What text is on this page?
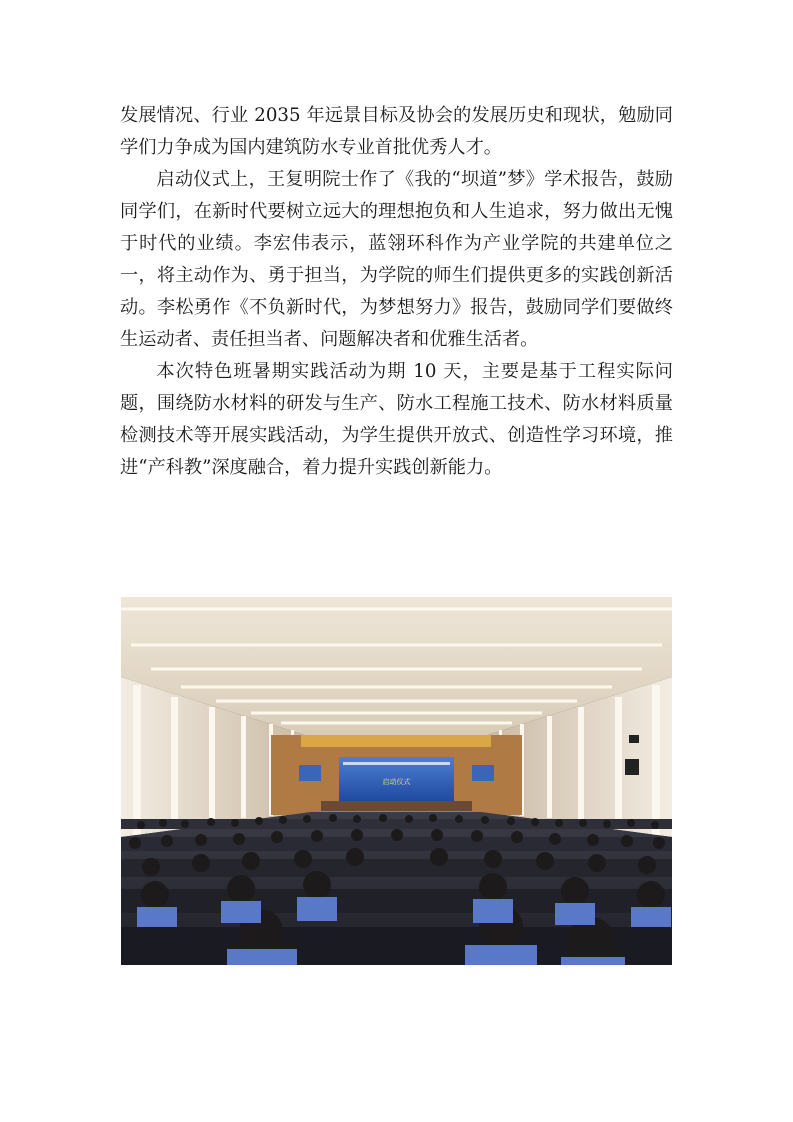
发展情况、行业 2035 年远景目标及协会的发展历史和现状，勉励同学们力争成为国内建筑防水专业首批优秀人才。

启动仪式上，王复明院士作了《我的“坝道”梦》学术报告，鼓励同学们，在新时代要树立远大的理想抱负和人生追求，努力做出无愧于时代的业绩。李宏伟表示，蓝翎环科作为产业学院的共建单位之一，将主动作为、勇于担当，为学院的师生们提供更多的实践创新活动。李松勇作《不负新时代，为梦想努力》报告，鼓励同学们要做终生运动者、责任担当者、问题解决者和优雅生活者。

本次特色班暑期实践活动为期 10 天，主要是基于工程实际问题，围绕防水材料的研发与生产、防水工程施工技术、防水材料质量检测技术等开展实践活动，为学生提供开放式、创造性学习环境，推进“产科教”深度融合，着力提升实践创新能力。

启动仪式
